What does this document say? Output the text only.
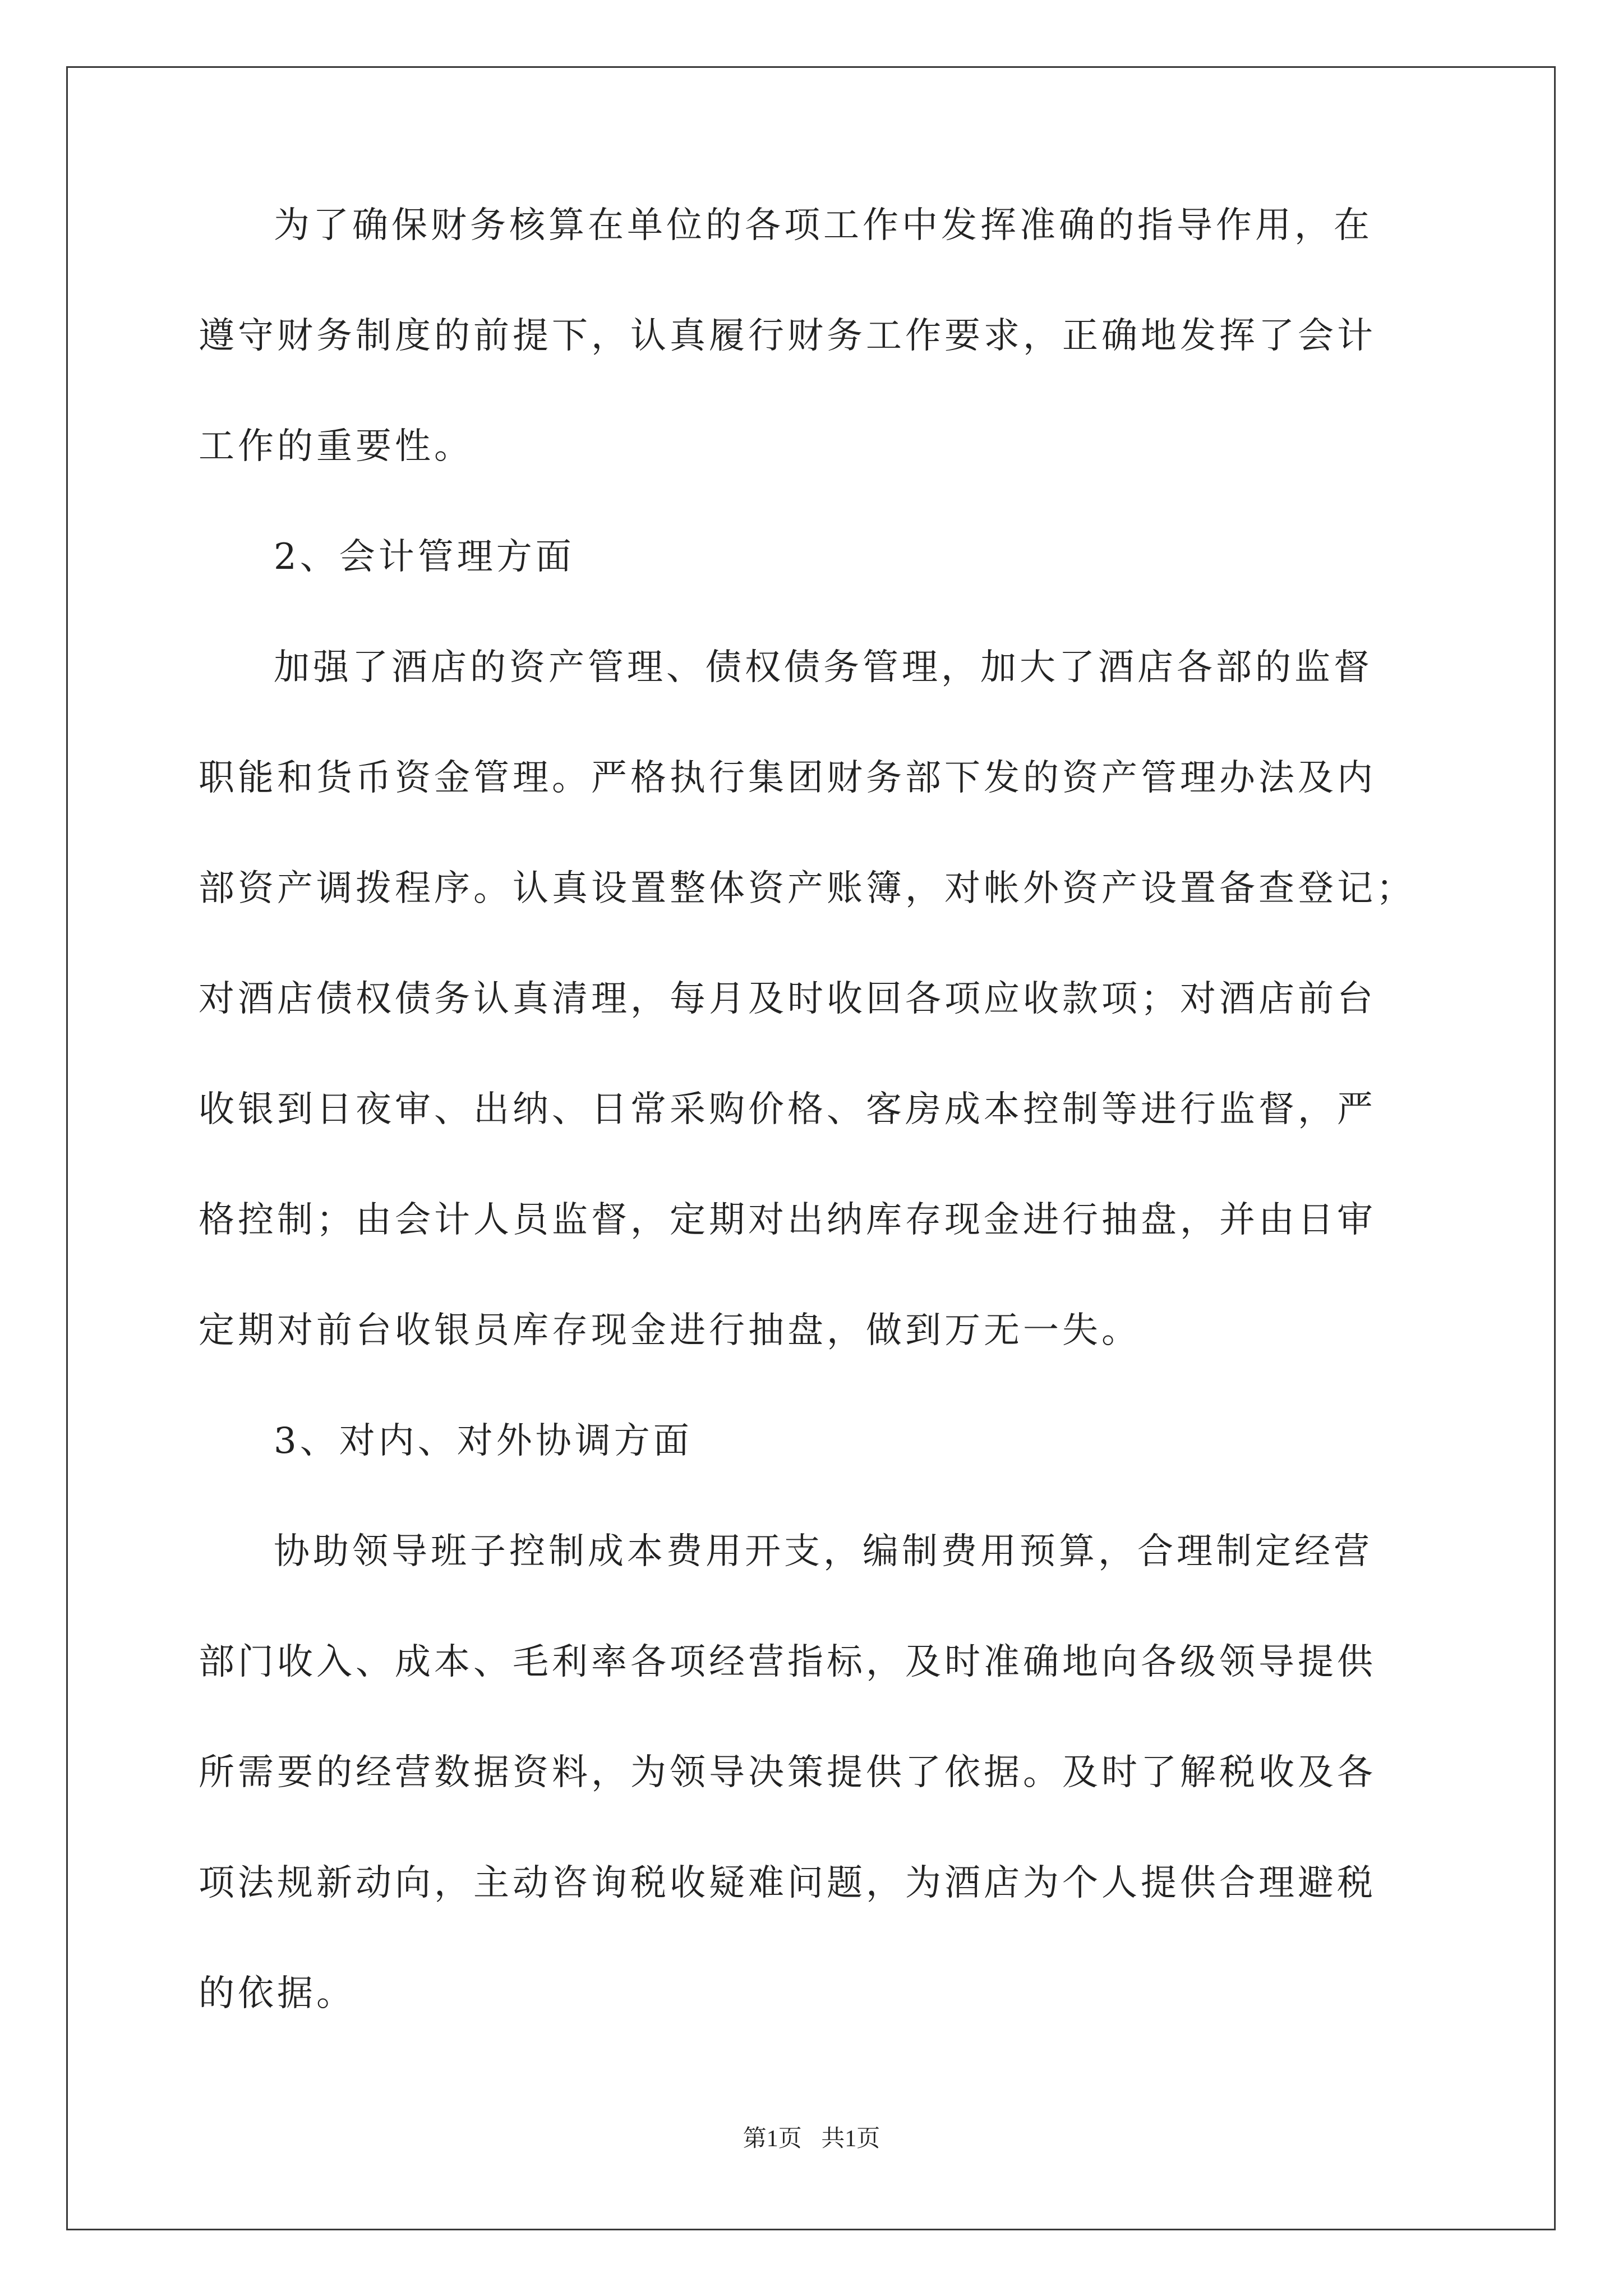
为了确保财务核算在单位的各项工作中发挥准确的指导作用，在
遵守财务制度的前提下，认真履行财务工作要求，正确地发挥了会计
工作的重要性。
2、会计管理方面
加强了酒店的资产管理、债权债务管理，加大了酒店各部的监督
职能和货币资金管理。严格执行集团财务部下发的资产管理办法及内
部资产调拨程序。认真设置整体资产账簿，对帐外资产设置备查登记；
对酒店债权债务认真清理，每月及时收回各项应收款项；对酒店前台
收银到日夜审、出纳、日常采购价格、客房成本控制等进行监督，严
格控制；由会计人员监督，定期对出纳库存现金进行抽盘，并由日审
定期对前台收银员库存现金进行抽盘，做到万无一失。
3、对内、对外协调方面
协助领导班子控制成本费用开支，编制费用预算，合理制定经营
部门收入、成本、毛利率各项经营指标，及时准确地向各级领导提供
所需要的经营数据资料，为领导决策提供了依据。及时了解税收及各
项法规新动向，主动咨询税收疑难问题，为酒店为个人提供合理避税
的依据。
第1页 共1页
